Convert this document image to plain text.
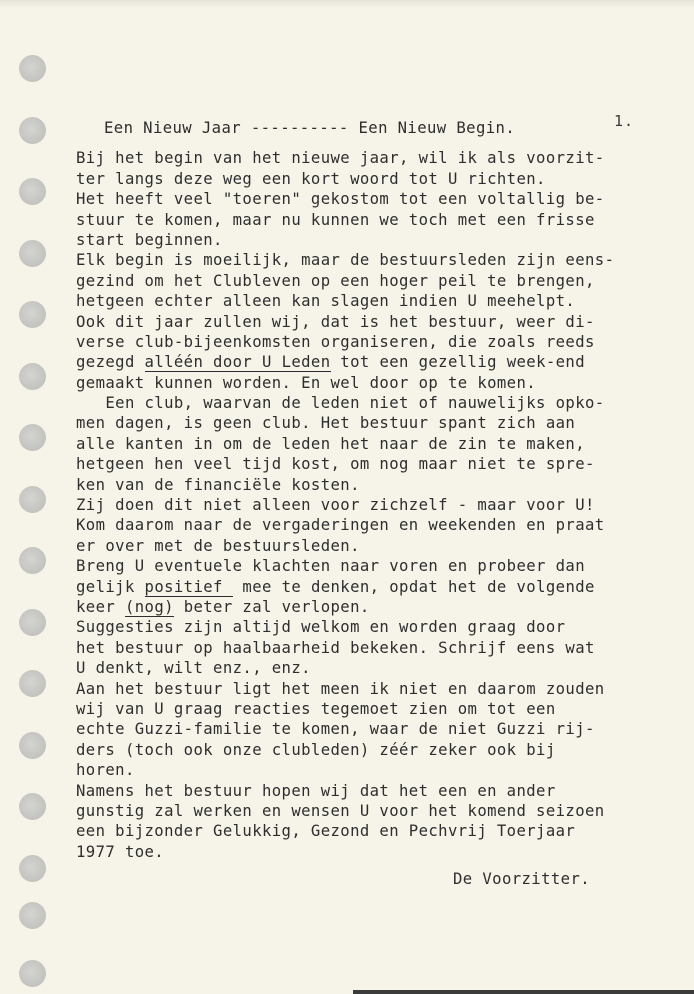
1.
Een Nieuw Jaar ---------- Een Nieuw Begin.
Bij het begin van het nieuwe jaar, wil ik als voorzit-
ter langs deze weg een kort woord tot U richten.
Het heeft veel "toeren" gekostom tot een voltallig be-
stuur te komen, maar nu kunnen we toch met een frisse
start beginnen.
Elk begin is moeilijk, maar de bestuursleden zijn eens-
gezind om het Clubleven op een hoger peil te brengen,
hetgeen echter alleen kan slagen indien U meehelpt.
Ook dit jaar zullen wij, dat is het bestuur, weer di-
verse club-bijeenkomsten organiseren, die zoals reeds
gezegd alléén door U Leden tot een gezellig week-end
gemaakt kunnen worden. En wel door op te komen.
Een club, waarvan de leden niet of nauwelijks opko-
men dagen, is geen club. Het bestuur spant zich aan
alle kanten in om de leden het naar de zin te maken,
hetgeen hen veel tijd kost, om nog maar niet te spre-
ken van de financiële kosten.
Zij doen dit niet alleen voor zichzelf - maar voor U!
Kom daarom naar de vergaderingen en weekenden en praat
er over met de bestuursleden.
Breng U eventuele klachten naar voren en probeer dan
gelijk positief  mee te denken, opdat het de volgende
keer (nog) beter zal verlopen.
Suggesties zijn altijd welkom en worden graag door
het bestuur op haalbaarheid bekeken. Schrijf eens wat
U denkt, wilt enz., enz.
Aan het bestuur ligt het meen ik niet en daarom zouden
wij van U graag reacties tegemoet zien om tot een
echte Guzzi-familie te komen, waar de niet Guzzi rij-
ders (toch ook onze clubleden) zéér zeker ook bij
horen.
Namens het bestuur hopen wij dat het een en ander
gunstig zal werken en wensen U voor het komend seizoen
een bijzonder Gelukkig, Gezond en Pechvrij Toerjaar
1977 toe.
De Voorzitter.
